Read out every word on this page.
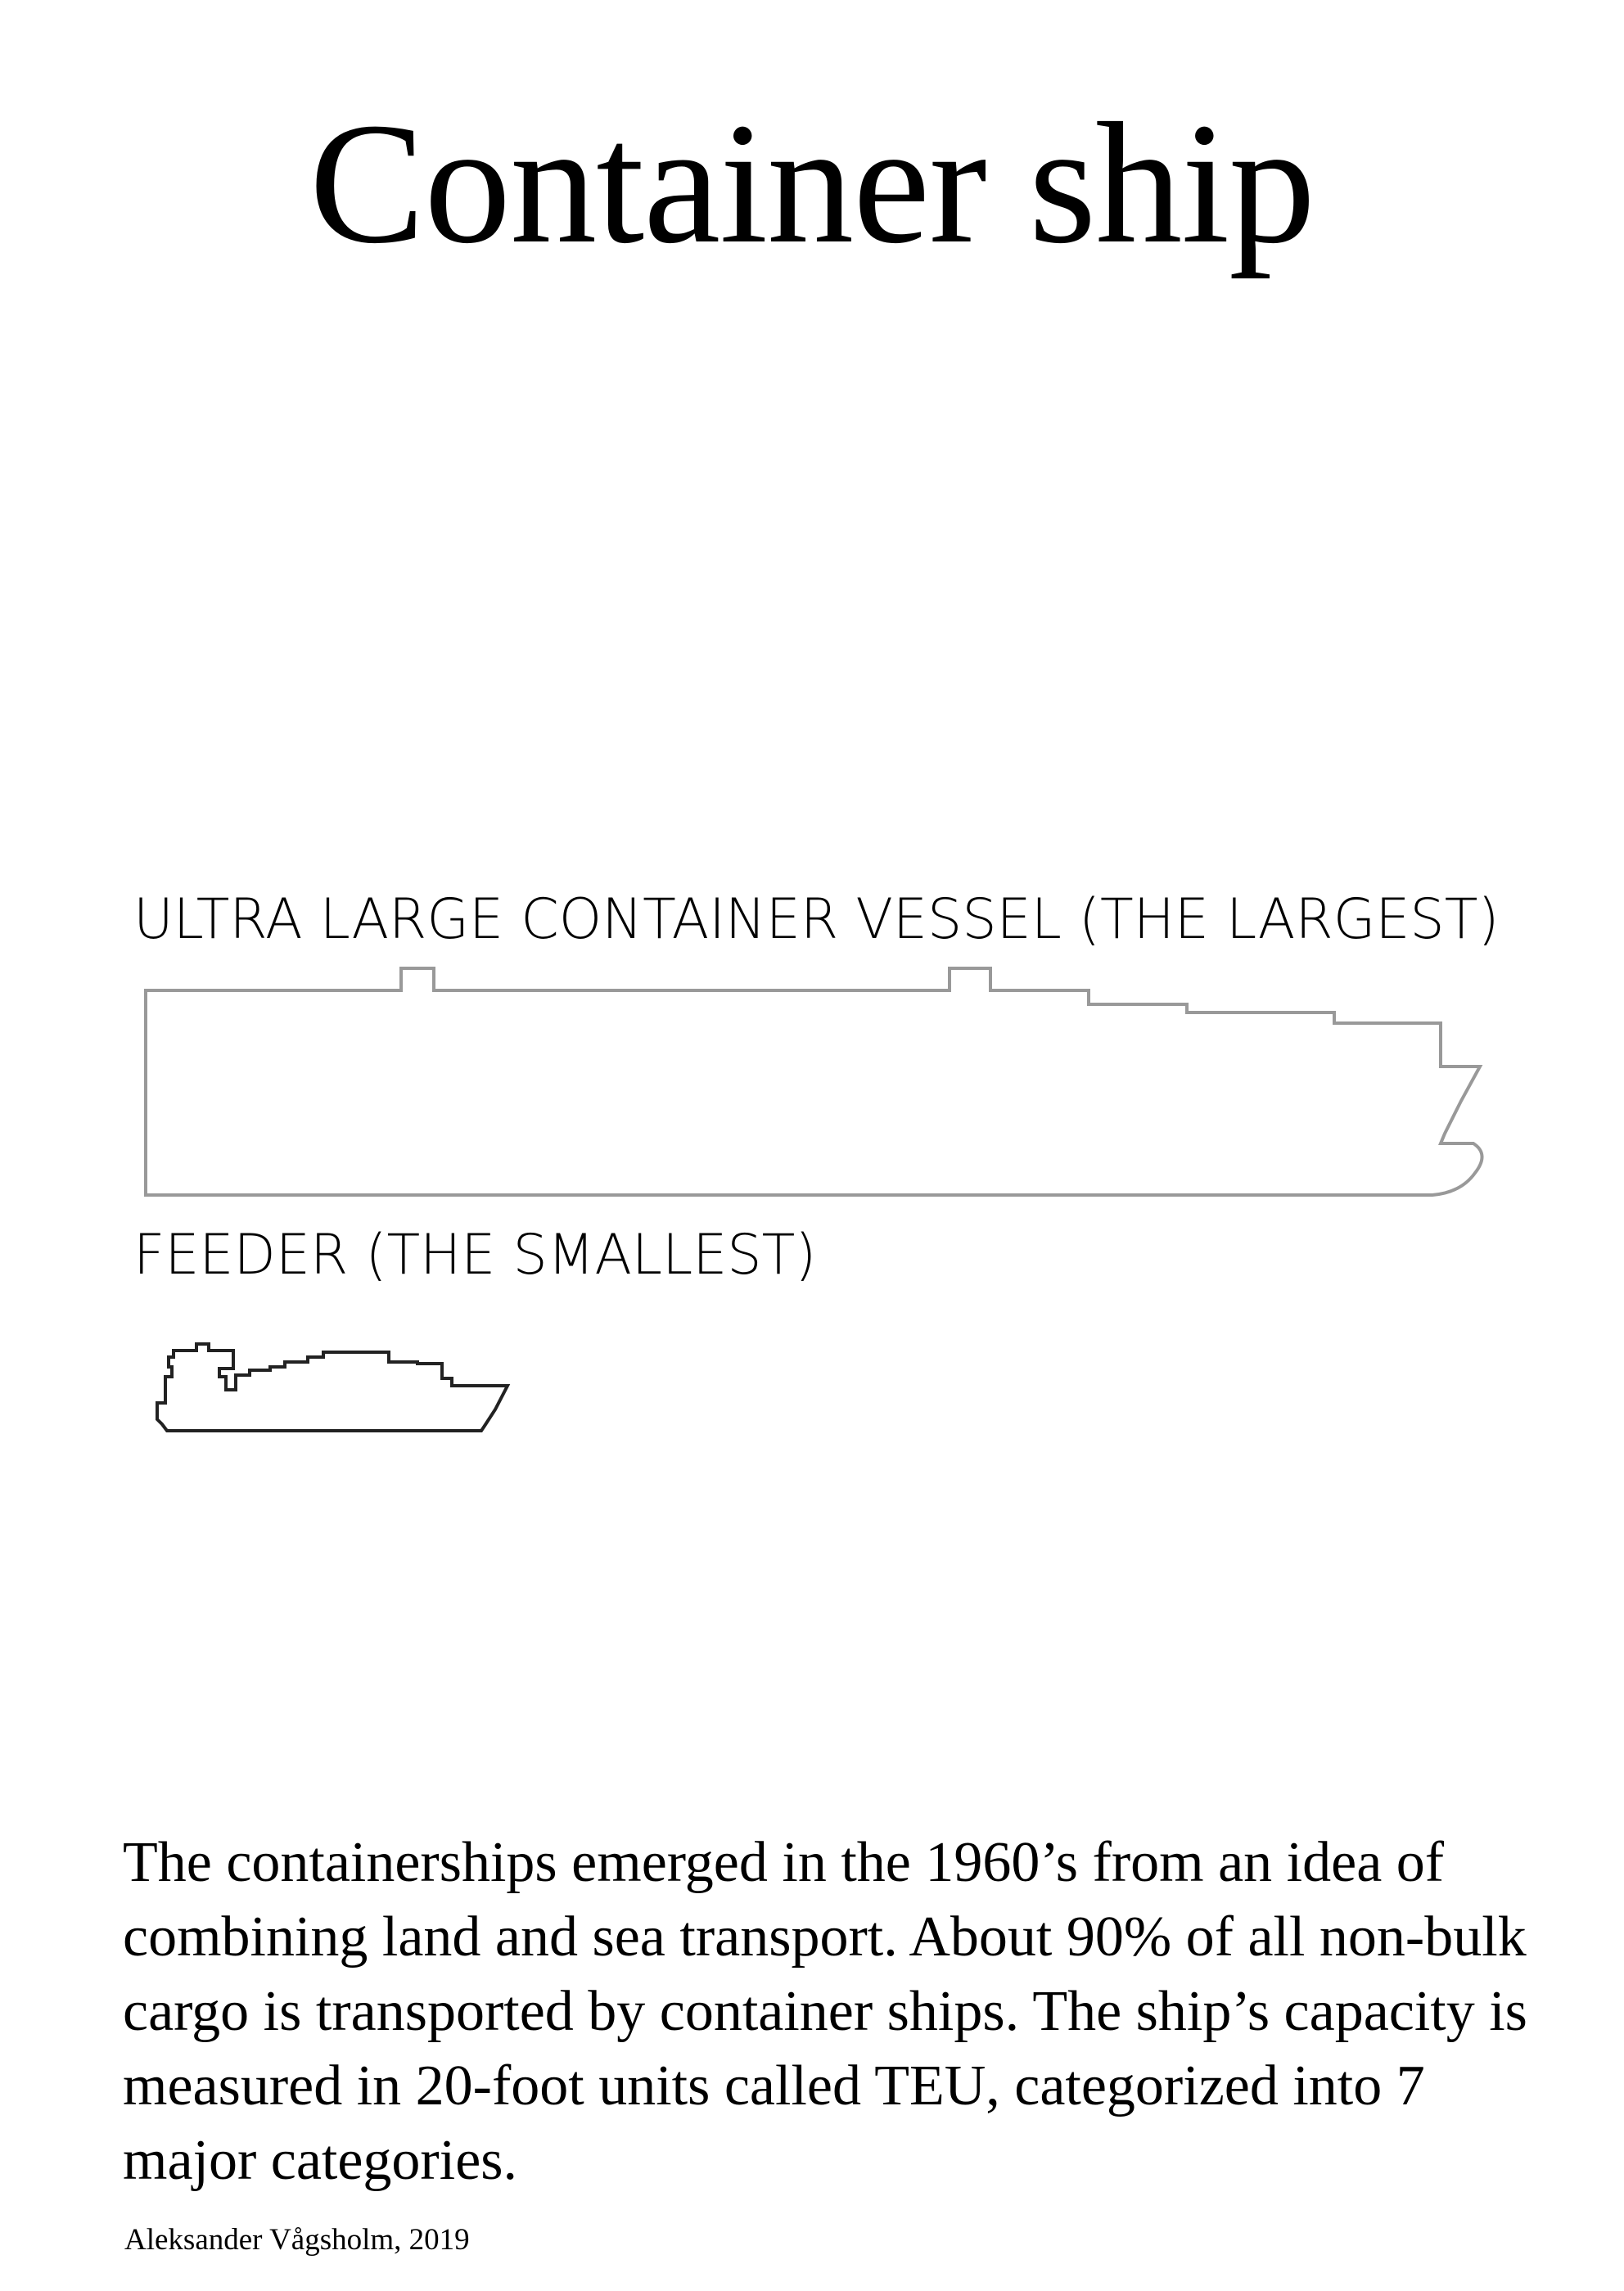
Container ship
ULTRA LARGE CONTAINER VESSEL (THE LARGEST)
FEEDER (THE SMALLEST)

The containerships emerged in the 1960’s from an idea of combining land and sea transport. About 90% of all non-bulk cargo is transported by container ships. The ship’s capacity is measured in 20-foot units called TEU, categorized into 7 major categories.

Aleksander Vågsholm, 2019
